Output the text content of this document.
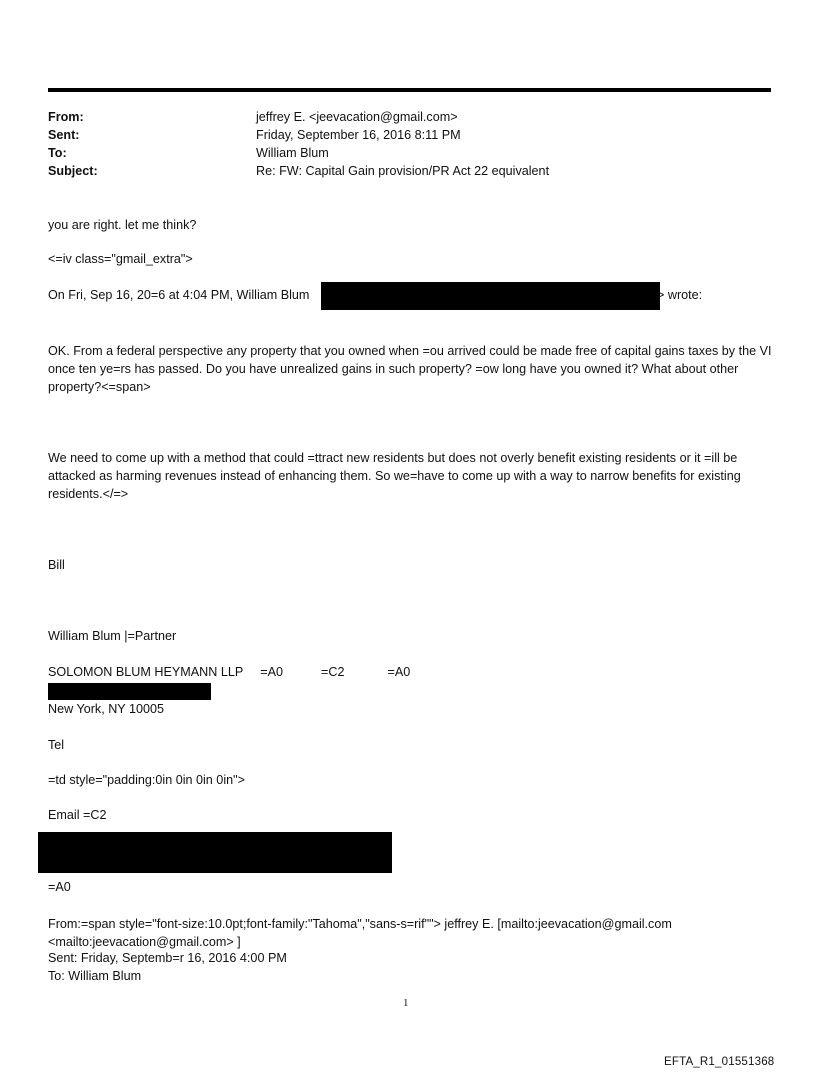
From:	jeffrey E. <jeevacation@gmail.com>
Sent:	Friday, September 16, 2016 8:11 PM
To:	William Blum
Subject:	Re: FW: Capital Gain provision/PR Act 22 equivalent
you are right. let me think?
<=iv class="gmail_extra">
On Fri, Sep 16, 20=6 at 4:04 PM, William Blum	> wrote:
OK. From a federal perspective any property that you owned when =ou arrived could be made free of capital gains taxes by the VI once ten ye=rs has passed. Do you have unrealized gains in such property? =ow long have you owned it? What about other property?<=span>
We need to come up with a method that could =ttract new residents but does not overly benefit existing residents or it =ill be attacked as harming revenues instead of enhancing them. So we=have to come up with a way to narrow benefits for existing residents.</=>
Bill
William Blum |=Partner
SOLOMON BLUM HEYMANN LLP =A0	=C2	=A0
New York, NY 10005
Tel
=td style="padding:0in 0in 0in 0in">
Email =C2
=A0
From:=span style="font-size:10.0pt;font-family:"Tahoma","sans-s=rif""> jeffrey E. [mailto:jeevacation@gmail.com <mailto:jeevacation@gmail.com> ]
Sent: Friday, Septemb=r 16, 2016 4:00 PM
To: William Blum
1
EFTA_R1_01551368
